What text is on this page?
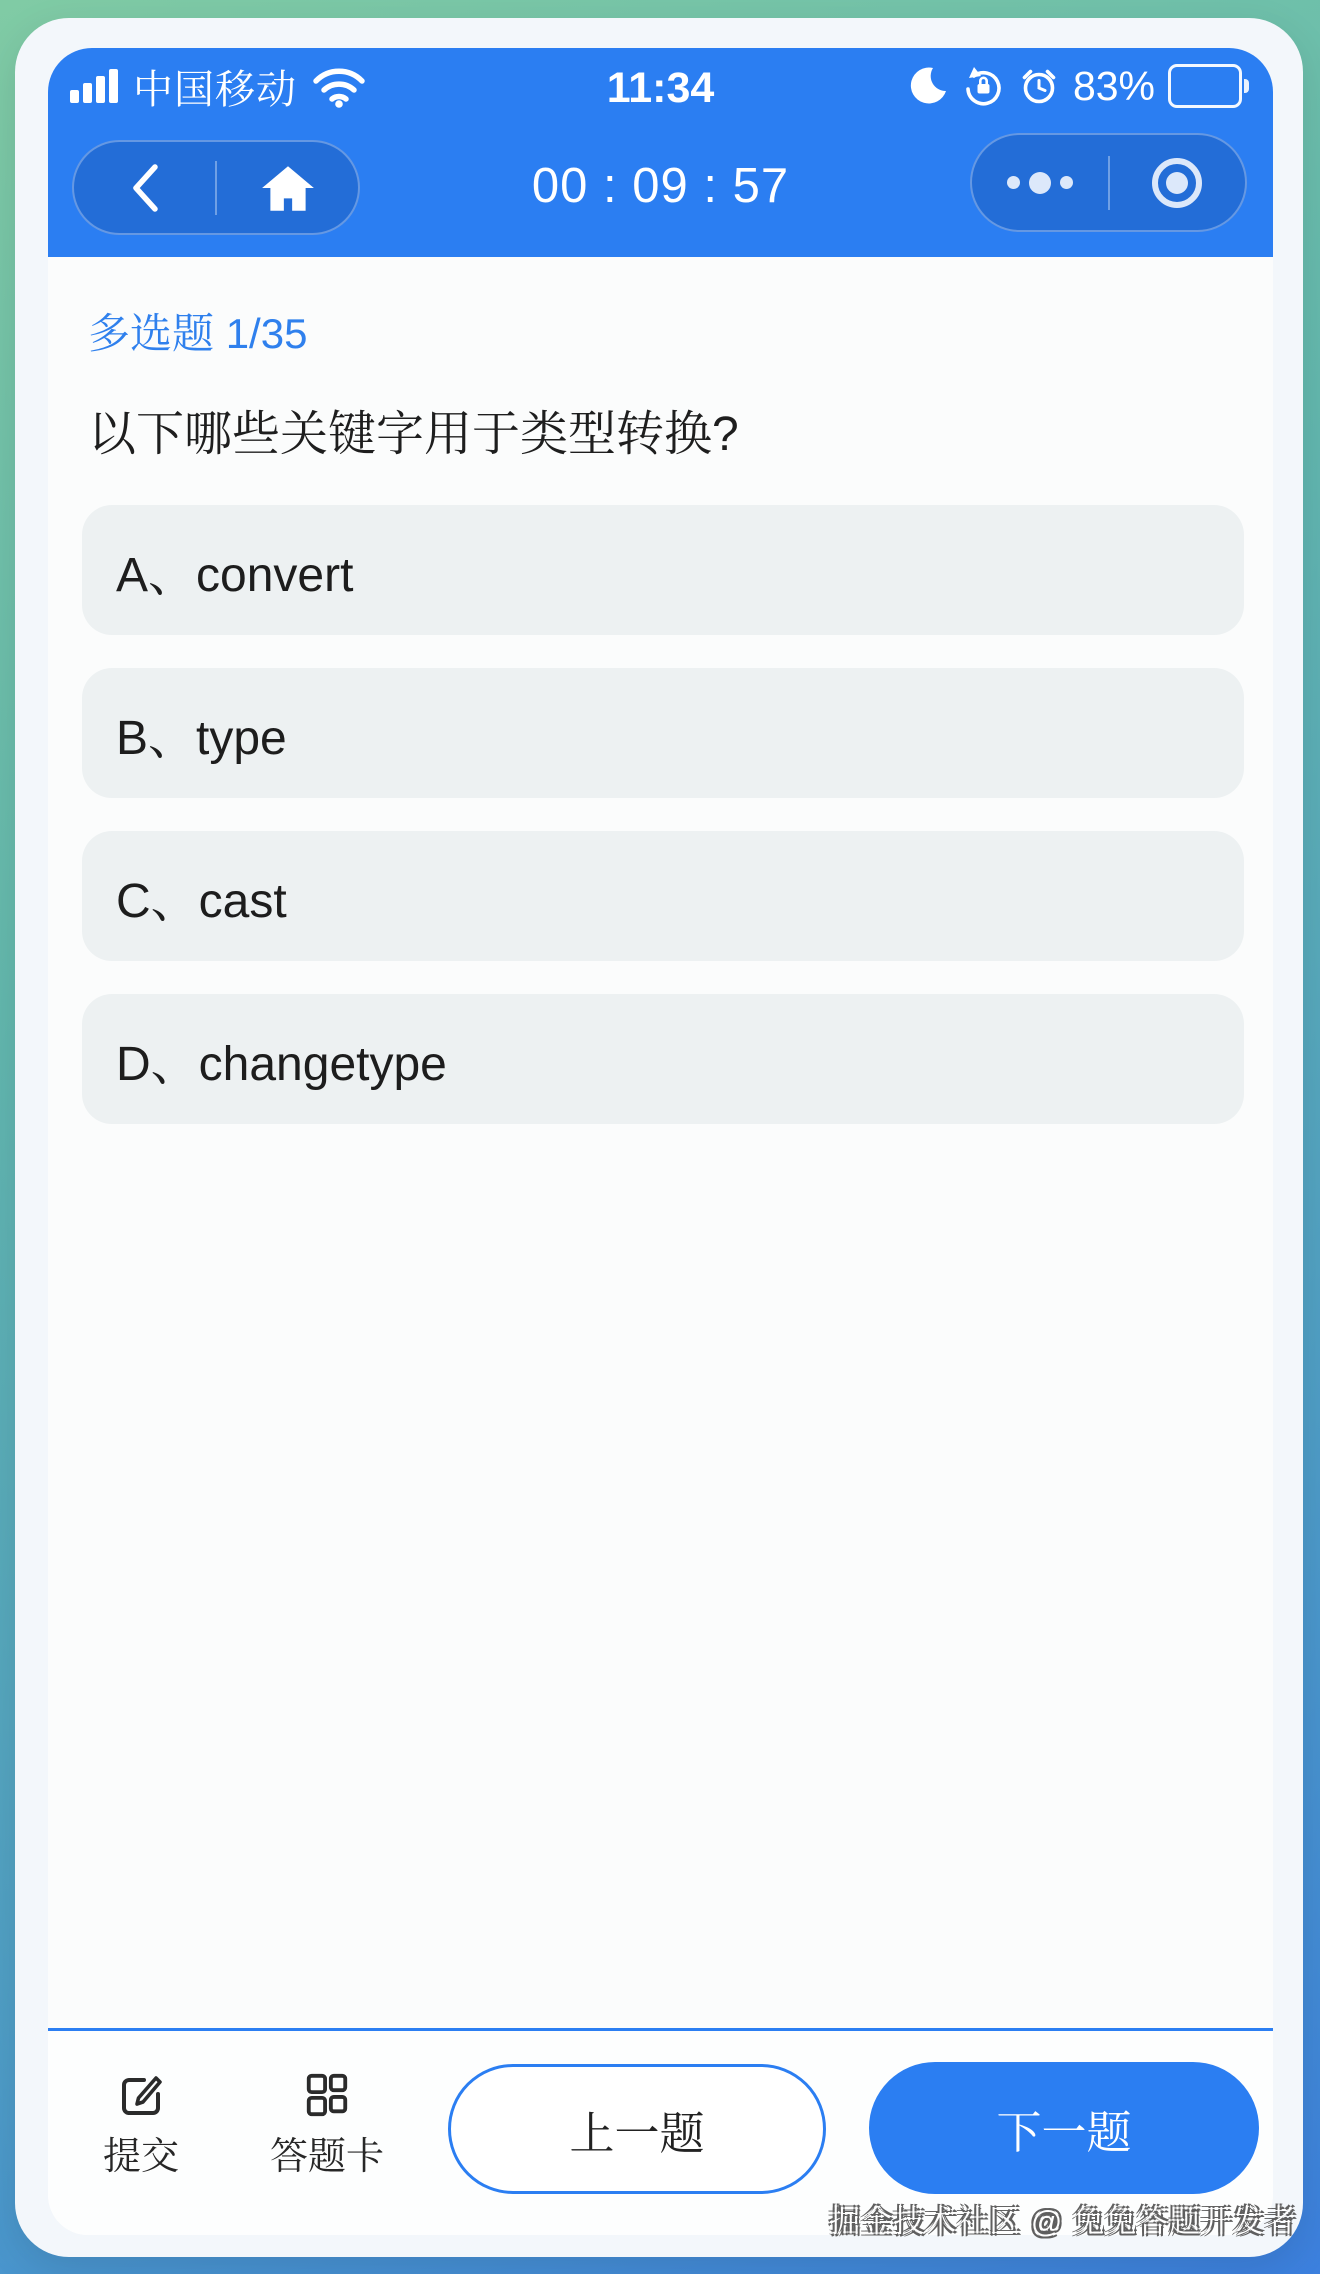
中国移动	11:34	83%
00 : 09 : 57
多选题 1/35
以下哪些关键字用于类型转换?
A、convert
B、type
C、cast
D、changetype
提交	答题卡	上一题	下一题
掘金技术社区 @ 兔兔答题开发者
